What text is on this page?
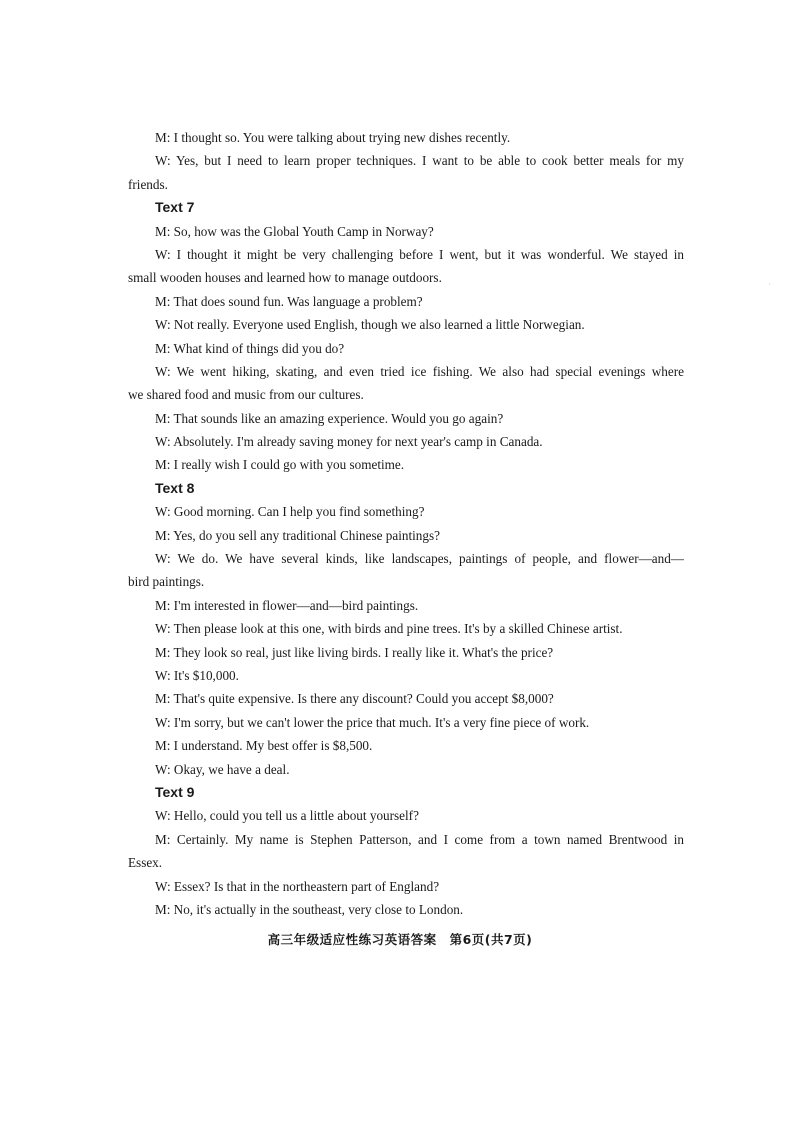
M: I thought so. You were talking about trying new dishes recently.
W: Yes, but I need to learn proper techniques. I want to be able to cook better meals for my
friends.
Text 7
M: So, how was the Global Youth Camp in Norway?
W: I thought it might be very challenging before I went, but it was wonderful. We stayed in
small wooden houses and learned how to manage outdoors.
M: That does sound fun. Was language a problem?
W: Not really. Everyone used English, though we also learned a little Norwegian.
M: What kind of things did you do?
W: We went hiking, skating, and even tried ice fishing. We also had special evenings where
we shared food and music from our cultures.
M: That sounds like an amazing experience. Would you go again?
W: Absolutely. I'm already saving money for next year's camp in Canada.
M: I really wish I could go with you sometime.
Text 8
W: Good morning. Can I help you find something?
M: Yes, do you sell any traditional Chinese paintings?
W: We do. We have several kinds, like landscapes, paintings of people, and flower—and—
bird paintings.
M: I'm interested in flower—and—bird paintings.
W: Then please look at this one, with birds and pine trees. It's by a skilled Chinese artist.
M: They look so real, just like living birds. I really like it. What's the price?
W: It's $10,000.
M: That's quite expensive. Is there any discount? Could you accept $8,000?
W: I'm sorry, but we can't lower the price that much. It's a very fine piece of work.
M: I understand. My best offer is $8,500.
W: Okay, we have a deal.
Text 9
W: Hello, could you tell us a little about yourself?
M: Certainly. My name is Stephen Patterson, and I come from a town named Brentwood in
Essex.
W: Essex? Is that in the northeastern part of England?
M: No, it's actually in the southeast, very close to London.
高三年级适应性练习英语答案　第6页(共7页)
·
